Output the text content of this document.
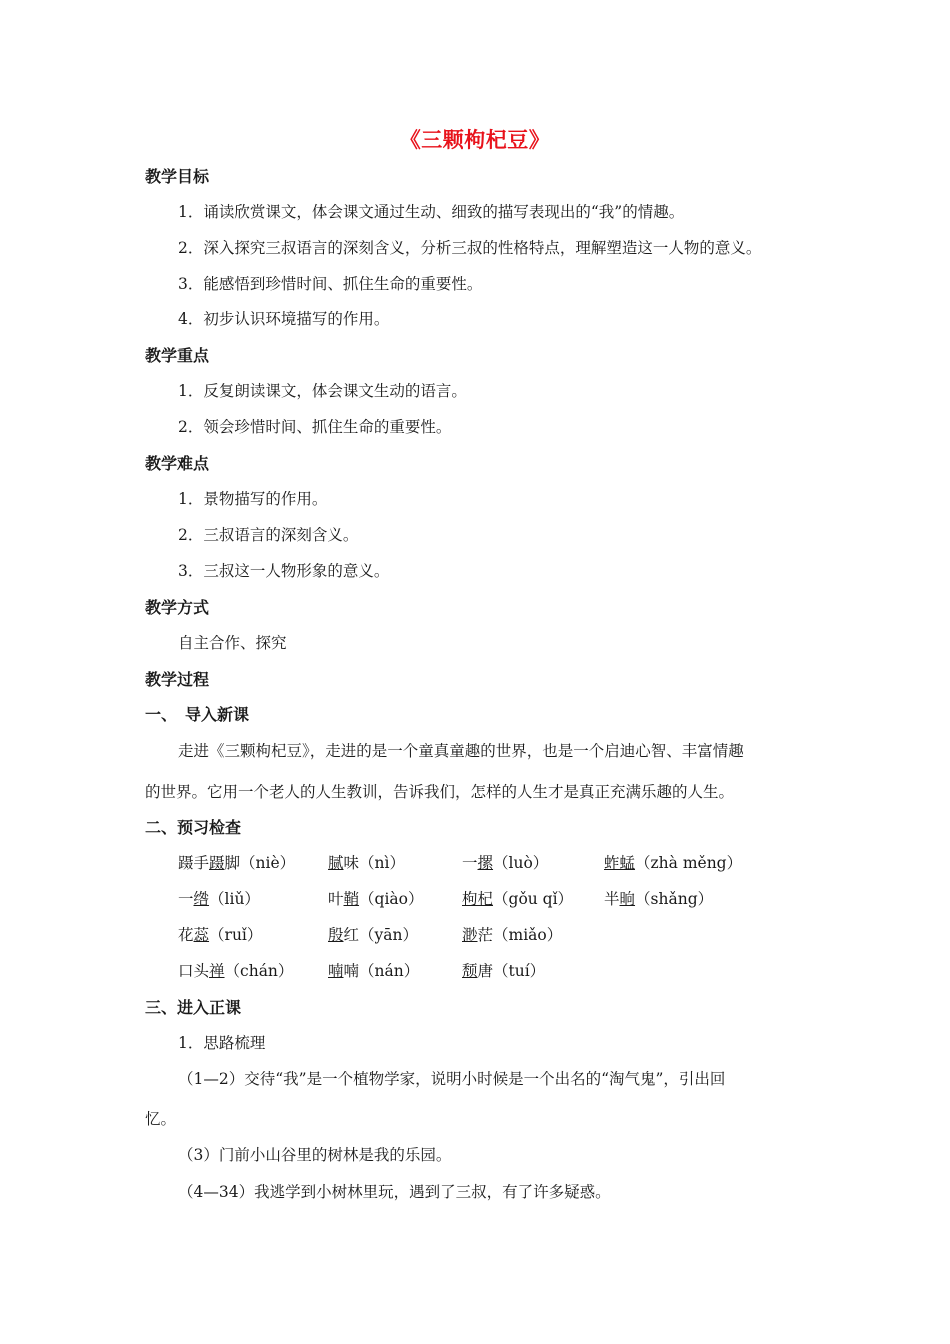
《三颗枸杞豆》
教学目标
1．诵读欣赏课文，体会课文通过生动、细致的描写表现出的“我”的情趣。
2．深入探究三叔语言的深刻含义，分析三叔的性格特点，理解塑造这一人物的意义。
3．能感悟到珍惜时间、抓住生命的重要性。
4．初步认识环境描写的作用。
教学重点
1．反复朗读课文，体会课文生动的语言。
2．领会珍惜时间、抓住生命的重要性。
教学难点
1．景物描写的作用。
2．三叔语言的深刻含义。
3．三叔这一人物形象的意义。
教学方式
自主合作、探究
教学过程
一、　导入新课
走进《三颗枸杞豆》，走进的是一个童真童趣的世界，也是一个启迪心智、丰富情趣
的世界。它用一个老人的人生教训，告诉我们，怎样的人生才是真正充满乐趣的人生。
二、预习检查
蹑手蹑脚（niè） 腻味（nì）	一摞（luò）	蚱蜢（zhà měng）
一绺（liǔ）	叶鞘（qiào） 枸杞（gǒu qǐ） 半晌（shǎng）
花蕊（ruǐ）	殷红（yān）	渺茫（miǎo）
口头禅（chán） 喃喃（nán）	颓唐（tuí）
三、进入正课
1．思路梳理
（1—2）交待“我”是一个植物学家，说明小时候是一个出名的“淘气鬼”，引出回
忆。
（3）门前小山谷里的树林是我的乐园。
（4—34）我逃学到小树林里玩，遇到了三叔，有了许多疑惑。
